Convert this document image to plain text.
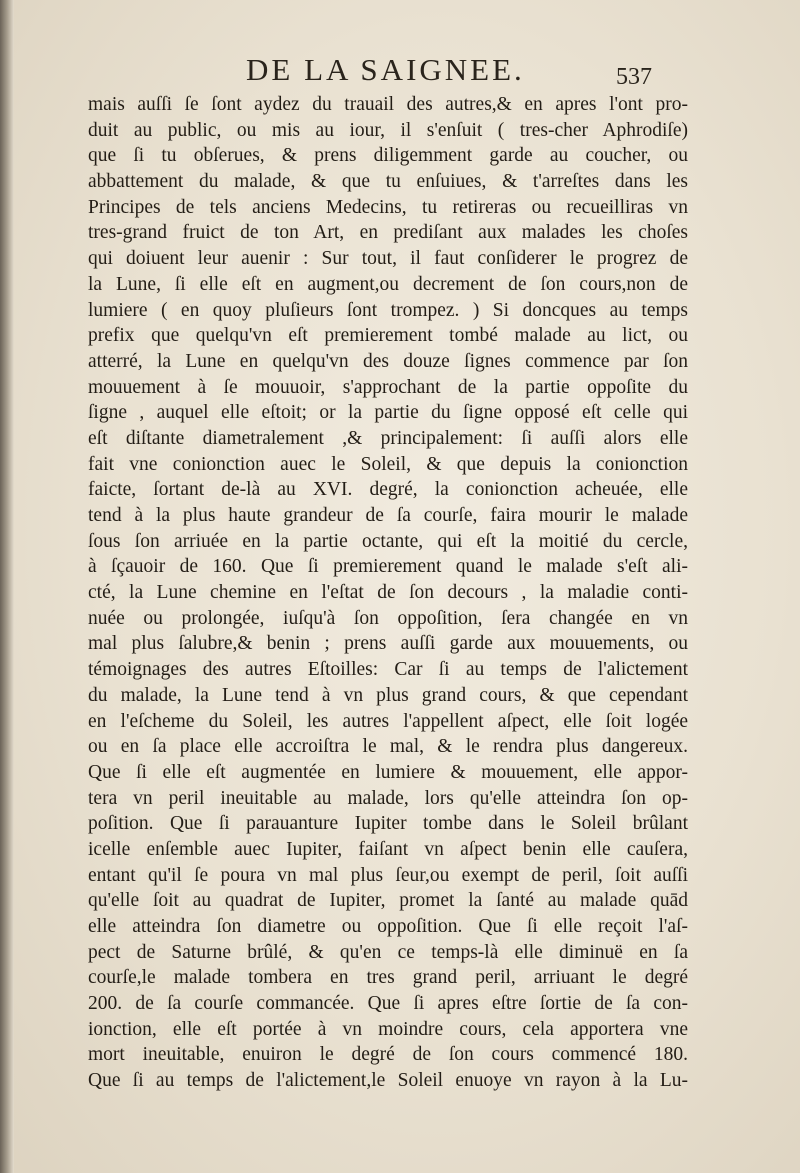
DE LA SAIGNEE.	537
mais auſſi ſe ſont aydez du trauail des autres,& en apres l'ont pro-
duit au public, ou mis au iour, il s'enſuit ( tres-cher Aphrodiſe)
que ſi tu obſerues, & prens diligemment garde au coucher, ou
abbattement du malade, & que tu enſuiues, & t'arreſtes dans les
Principes de tels anciens Medecins, tu retireras ou recueilliras vn
tres-grand fruict de ton Art, en prediſant aux malades les choſes
qui doiuent leur auenir : Sur tout, il faut conſiderer le progrez de
la Lune, ſi elle eſt en augment,ou decrement de ſon cours,non de
lumiere ( en quoy pluſieurs ſont trompez. ) Si doncques au temps
prefix que quelqu'vn eſt premierement tombé malade au lict, ou
atterré, la Lune en quelqu'vn des douze ſignes commence par ſon
mouuement à ſe mouuoir, s'approchant de la partie oppoſite du
ſigne , auquel elle eſtoit; or la partie du ſigne opposé eſt celle qui
eſt diſtante diametralement ,& principalement: ſi auſſi alors elle
fait vne conionction auec le Soleil, & que depuis la conionction
faicte, ſortant de-là au XVI. degré, la conionction acheuée, elle
tend à la plus haute grandeur de ſa courſe, faira mourir le malade
ſous ſon arriuée en la partie octante, qui eſt la moitié du cercle,
à ſçauoir de 160. Que ſi premierement quand le malade s'eſt ali-
cté, la Lune chemine en l'eſtat de ſon decours , la maladie conti-
nuée ou prolongée, iuſqu'à ſon oppoſition, ſera changée en vn
mal plus ſalubre,& benin ; prens auſſi garde aux mouuements, ou
témoignages des autres Eſtoilles: Car ſi au temps de l'alictement
du malade, la Lune tend à vn plus grand cours, & que cependant
en l'eſcheme du Soleil, les autres l'appellent aſpect, elle ſoit logée
ou en ſa place elle accroiſtra le mal, & le rendra plus dangereux.
Que ſi elle eſt augmentée en lumiere & mouuement, elle appor-
tera vn peril ineuitable au malade, lors qu'elle atteindra ſon op-
poſition. Que ſi parauanture Iupiter tombe dans le Soleil brûlant
icelle enſemble auec Iupiter, faiſant vn aſpect benin elle cauſera,
entant qu'il ſe poura vn mal plus ſeur,ou exempt de peril, ſoit auſſi
qu'elle ſoit au quadrat de Iupiter, promet la ſanté au malade quād
elle atteindra ſon diametre ou oppoſition. Que ſi elle reçoit l'aſ-
pect de Saturne brûlé, & qu'en ce temps-là elle diminuë en ſa
courſe,le malade tombera en tres grand peril, arriuant le degré
200. de ſa courſe commancée. Que ſi apres eſtre ſortie de ſa con-
ionction, elle eſt portée à vn moindre cours, cela apportera vne
mort ineuitable, enuiron le degré de ſon cours commencé 180.
Que ſi au temps de l'alictement,le Soleil enuoye vn rayon à la Lu-
